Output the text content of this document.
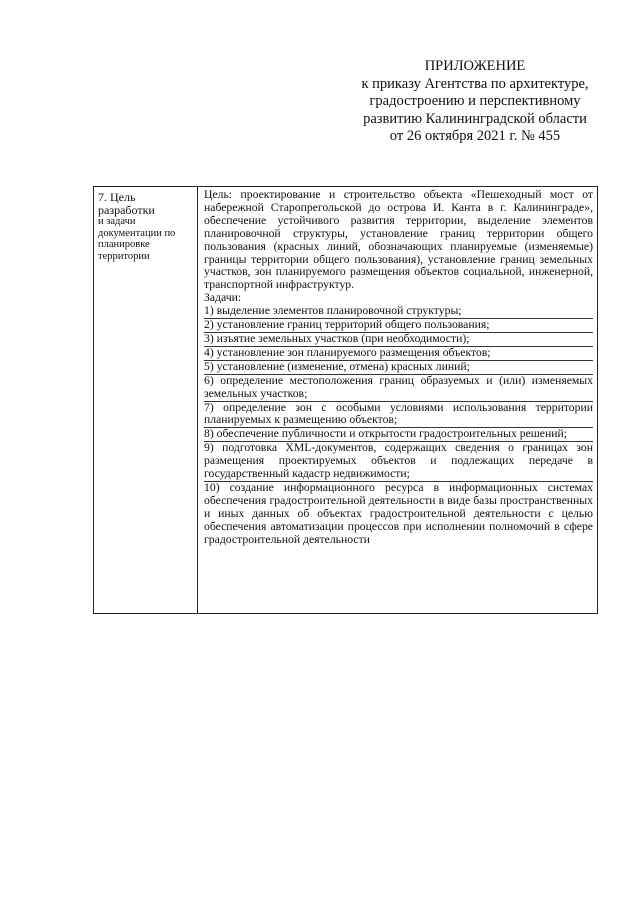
ПРИЛОЖЕНИЕ
к приказу Агентства по архитектуре,
градостроению и перспективному
развитию Калининградской области
от 26 октября 2021 г. № 455
7. Цель
разработки
и задачи
документации по
планировке
территории

Цель: проектирование и строительство объекта «Пешеходный мост от набережной Старопрегольской до острова И. Канта в г. Калининграде», обеспечение устойчивого развития территории, выделение элементов планировочной структуры, установление границ территории общего пользования (красных линий, обозначающих планируемые (изменяемые) границы территории общего пользования), установление границ земельных участков, зон планируемого размещения объектов социальной, инженерной, транспортной инфраструктур.

Задачи:

1) выделение элементов планировочной структуры;

2) установление границ территорий общего пользования;

3) изъятие земельных участков (при необходимости);

4) установление зон планируемого размещения объектов;

5) установление (изменение, отмена) красных линий;

6) определение местоположения границ образуемых и (или) изменяемых земельных участков;

7) определение зон с особыми условиями использования территории планируемых к размещению объектов;

8) обеспечение публичности и открытости градостроительных решений;

9) подготовка XML-документов, содержащих сведения о границах зон размещения проектируемых объектов и подлежащих передаче в государственный кадастр недвижимости;

10) создание информационного ресурса в информационных системах обеспечения градостроительной деятельности в виде базы пространственных и иных данных об объектах градостроительной деятельности с целью обеспечения автоматизации процессов при исполнении полномочий в сфере градостроительной деятельности
